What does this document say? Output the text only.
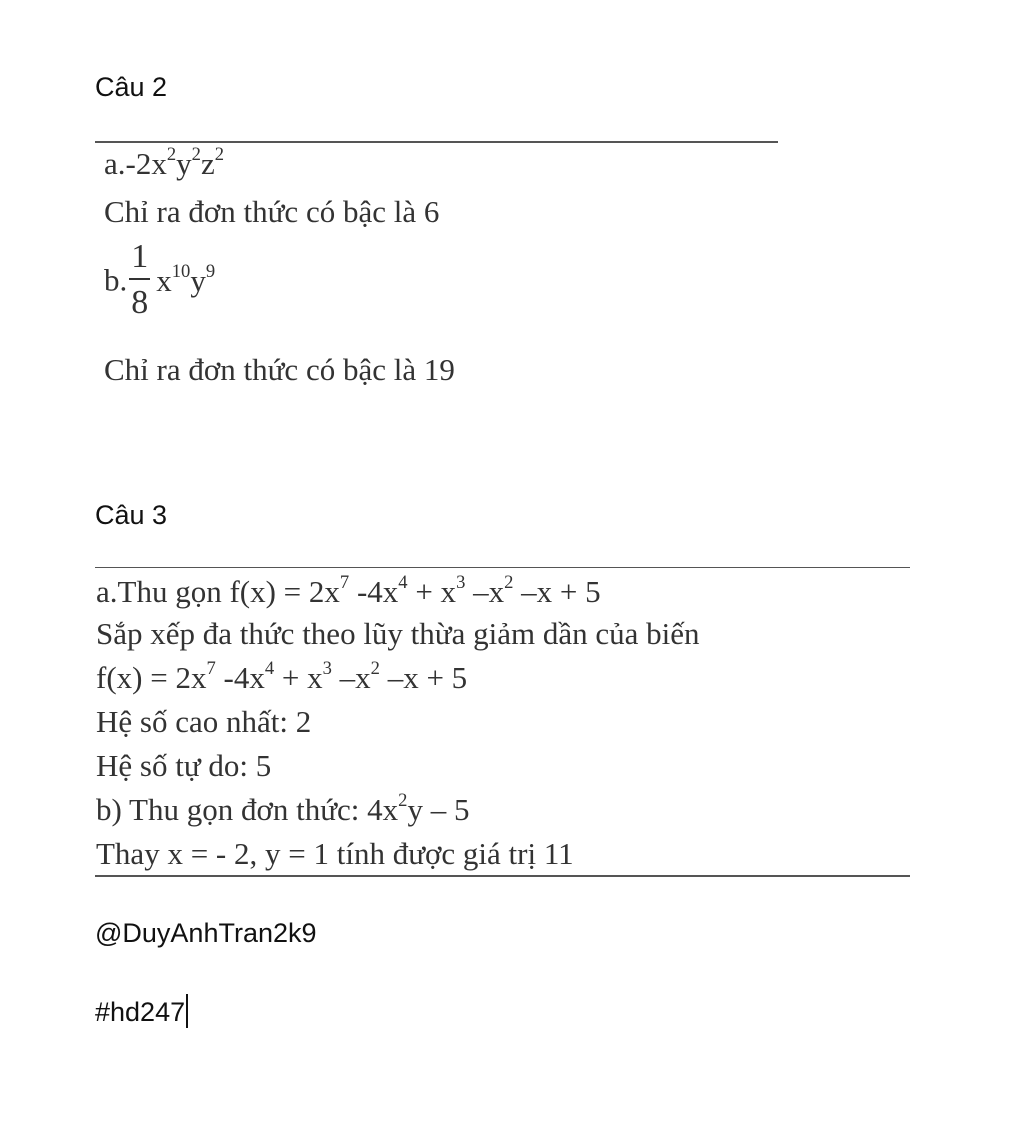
Câu 2
$a.-2x^2y^2z^2$
Chỉ ra đơn thức có bậc là 6
b. $\frac{1}{8} x^{10}y^9$
Chỉ ra đơn thức có bậc là 19
Câu 3
a.Thu gọn $f(x) = 2x^7$ $-4x^4 + x^3$ $-x^2$ –x + 5
Sắp xếp đa thức theo lũy thừa giảm dần của biến
$f(x) = 2x^7$ $-4x^4 + x^3$ $-x^2$ –x + 5
Hệ số cao nhất: 2
Hệ số tự do: 5
b) Thu gọn đơn thức: $4x^2y - 5$
Thay x = - 2, y = 1 tính được giá trị 11
@DuyAnhTran2k9
#hd247
